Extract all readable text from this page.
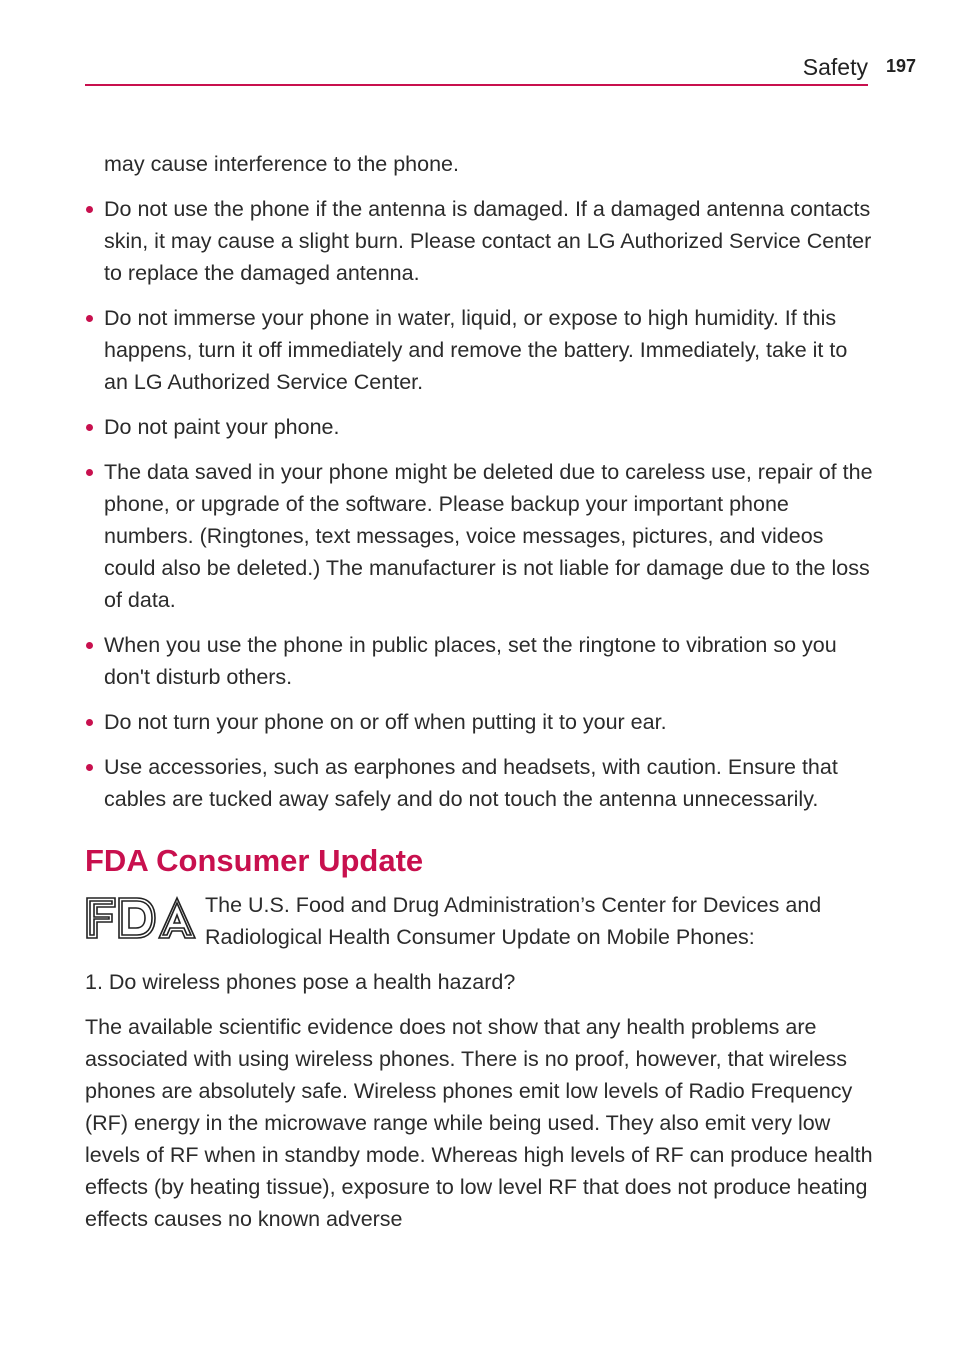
Safety 197

may cause interference to the phone.

Do not use the phone if the antenna is damaged. If a damaged antenna contacts skin, it may cause a slight burn. Please contact an LG Authorized Service Center to replace the damaged antenna.
Do not immerse your phone in water, liquid, or expose to high humidity. If this happens, turn it off immediately and remove the battery. Immediately, take it to an LG Authorized Service Center.
Do not paint your phone.
The data saved in your phone might be deleted due to careless use, repair of the phone, or upgrade of the software. Please backup your important phone numbers. (Ringtones, text messages, voice messages, pictures, and videos could also be deleted.) The manufacturer is not liable for damage due to the loss of data.
When you use the phone in public places, set the ringtone to vibration so you don't disturb others.
Do not turn your phone on or off when putting it to your ear.
Use accessories, such as earphones and headsets, with caution. Ensure that cables are tucked away safely and do not touch the antenna unnecessarily.
FDA Consumer Update
The U.S. Food and Drug Administration’s Center for Devices and Radiological Health Consumer Update on Mobile Phones:
1. Do wireless phones pose a health hazard?

The available scientific evidence does not show that any health problems are associated with using wireless phones. There is no proof, however, that wireless phones are absolutely safe. Wireless phones emit low levels of Radio Frequency (RF) energy in the microwave range while being used. They also emit very low levels of RF when in standby mode. Whereas high levels of RF can produce health effects (by heating tissue), exposure to low level RF that does not produce heating effects causes no known adverse
